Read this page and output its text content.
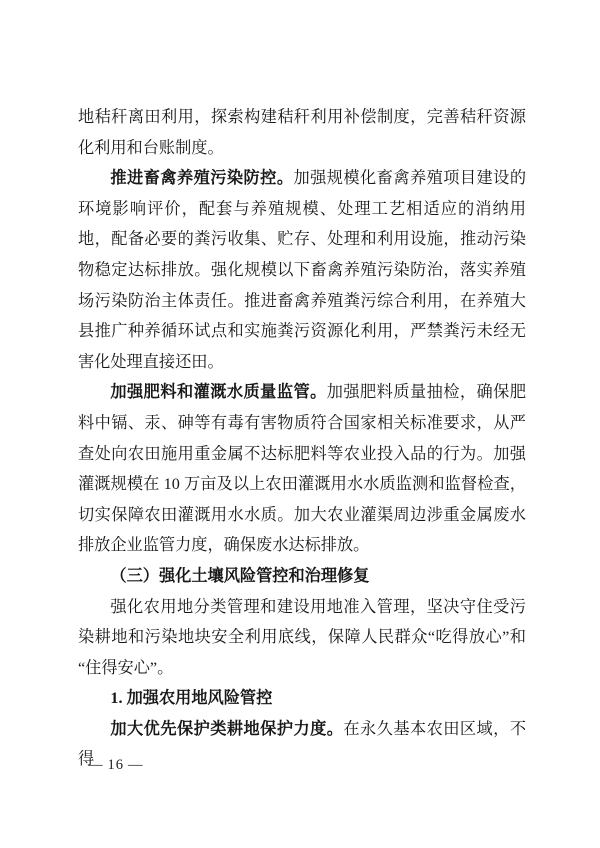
地秸秆离田利用，探索构建秸秆利用补偿制度，完善秸秆资源化利用和台账制度。

推进畜禽养殖污染防控。加强规模化畜禽养殖项目建设的环境影响评价，配套与养殖规模、处理工艺相适应的消纳用地，配备必要的粪污收集、贮存、处理和利用设施，推动污染物稳定达标排放。强化规模以下畜禽养殖污染防治，落实养殖场污染防治主体责任。推进畜禽养殖粪污综合利用，在养殖大县推广种养循环试点和实施粪污资源化利用，严禁粪污未经无害化处理直接还田。

加强肥料和灌溉水质量监管。加强肥料质量抽检，确保肥料中镉、汞、砷等有毒有害物质符合国家相关标准要求，从严查处向农田施用重金属不达标肥料等农业投入品的行为。加强灌溉规模在 10 万亩及以上农田灌溉用水水质监测和监督检查，切实保障农田灌溉用水水质。加大农业灌渠周边涉重金属废水排放企业监管力度，确保废水达标排放。

（三）强化土壤风险管控和治理修复

强化农用地分类管理和建设用地准入管理，坚决守住受污染耕地和污染地块安全利用底线，保障人民群众“吃得放心”和“住得安心”。

1. 加强农用地风险管控

加大优先保护类耕地保护力度。在永久基本农田区域，不得

— 16 —
